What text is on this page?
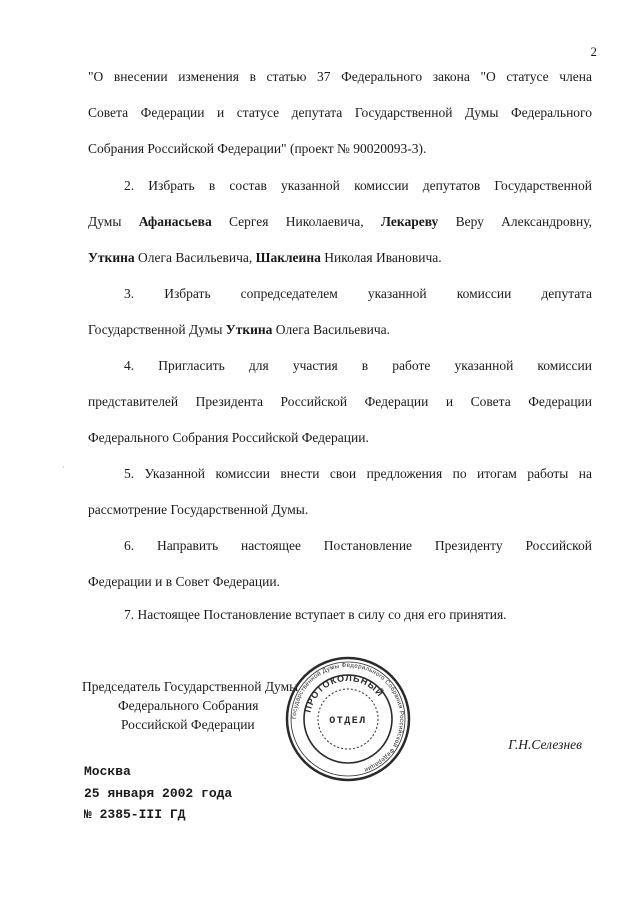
2
"О внесении изменения в статью 37 Федерального закона "О статусе члена
Совета Федерации и статусе депутата Государственной Думы Федерального
Собрания Российской Федерации" (проект № 90020093-3).
2. Избрать в состав указанной комиссии депутатов Государственной
Думы Афанасьева Сергея Николаевича, Лекареву Веру Александровну,
Уткина Олега Васильевича, Шаклеина Николая Ивановича.
3. Избрать сопредседателем указанной комиссии депутата
Государственной Думы Уткина Олега Васильевича.
4. Пригласить для участия в работе указанной комиссии
представителей Президента Российской Федерации и Совета Федерации
Федерального Собрания Российской Федерации.
·	5. Указанной комиссии внести свои предложения по итогам работы на
рассмотрение Государственной Думы.
6. Направить настоящее Постановление Президенту Российской
Федерации и в Совет Федерации.
7. Настоящее Постановление вступает в силу со дня его принятия.
Председатель Государственной Думы
Федерального Собрания
Российской Федерации	Государственной Думы Федерального Собрания Российской Федерации
ПРОТОКОЛЬНЫЙ
ОТДЕЛ
Г.Н.Селезнев
Москва
25 января 2002 года
№ 2385-III ГД
